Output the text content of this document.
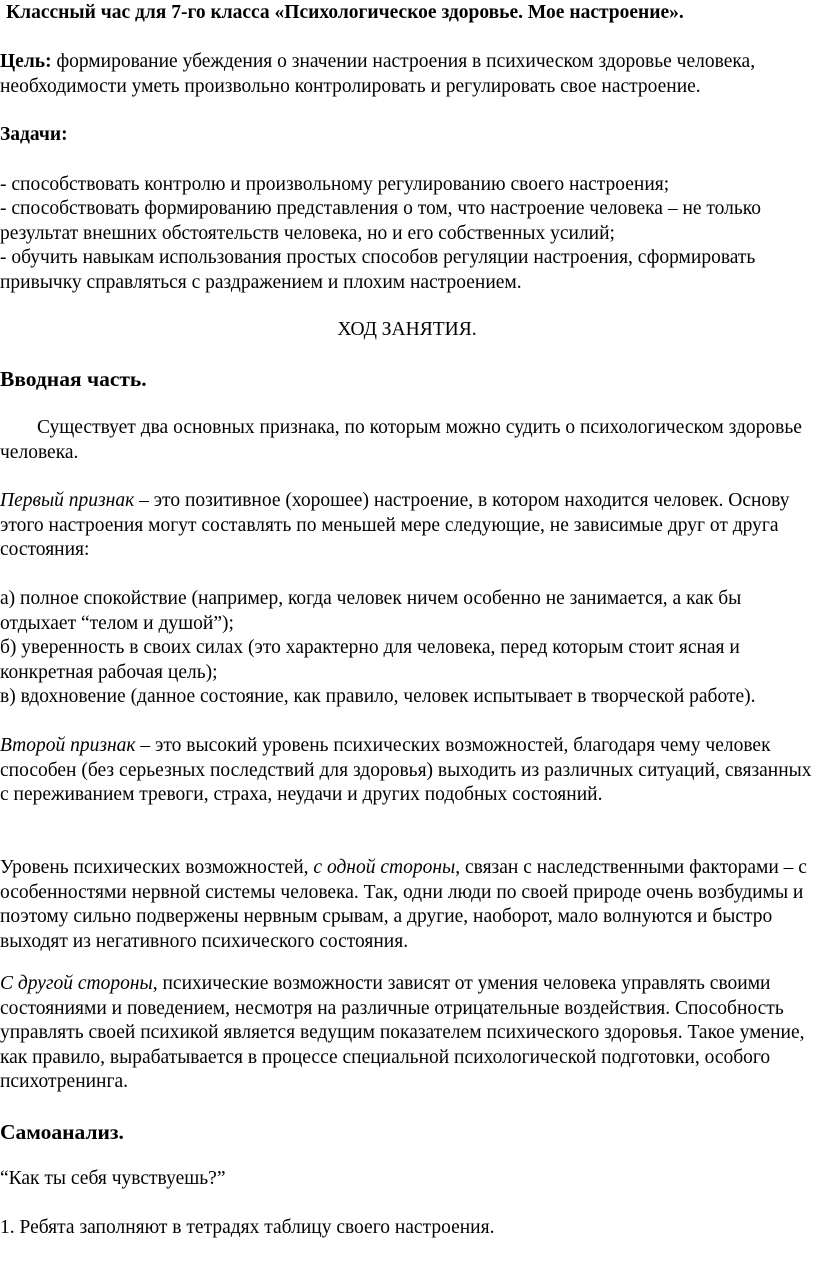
Классный час для 7-го класса «Психологическое здоровье. Мое настроение».

Цель: формирование убеждения о значении настроения в психическом здоровье человека, необходимости уметь произвольно контролировать и регулировать свое настроение.

Задачи:

- способствовать контролю и произвольному регулированию своего настроения;

- способствовать формированию представления о том, что настроение человека – не только результат внешних обстоятельств человека, но и его собственных усилий;

- обучить навыкам использования простых способов регуляции настроения, сформировать привычку справляться с раздражением и плохим настроением.

ХОД ЗАНЯТИЯ.

Вводная часть.

Существует два основных признака, по которым можно судить о психологическом здоровье человека.

Первый признак – это позитивное (хорошее) настроение, в котором находится человек. Основу этого настроения могут составлять по меньшей мере следующие, не зависимые друг от друга состояния:

а) полное спокойствие (например, когда человек ничем особенно не занимается, а как бы отдыхает “телом и душой”);

б) уверенность в своих силах (это характерно для человека, перед которым стоит ясная и конкретная рабочая цель);

в) вдохновение (данное состояние, как правило, человек испытывает в творческой работе).

Второй признак – это высокий уровень психических возможностей, благодаря чему человек способен (без серьезных последствий для здоровья) выходить из различных ситуаций, связанных с переживанием тревоги, страха, неудачи и других подобных состояний.

Уровень психических возможностей, с одной стороны, связан с наследственными факторами – с особенностями нервной системы человека. Так, одни люди по своей природе очень возбудимы и поэтому сильно подвержены нервным срывам, а другие, наоборот, мало волнуются и быстро выходят из негативного психического состояния.

С другой стороны, психические возможности зависят от умения человека управлять своими состояниями и поведением, несмотря на различные отрицательные воздействия. Способность управлять своей психикой является ведущим показателем психического здоровья. Такое умение, как правило, вырабатывается в процессе специальной психологической подготовки, особого психотренинга.

Самоанализ.

“Как ты себя чувствуешь?”

1. Ребята заполняют в тетрадях таблицу своего настроения.
